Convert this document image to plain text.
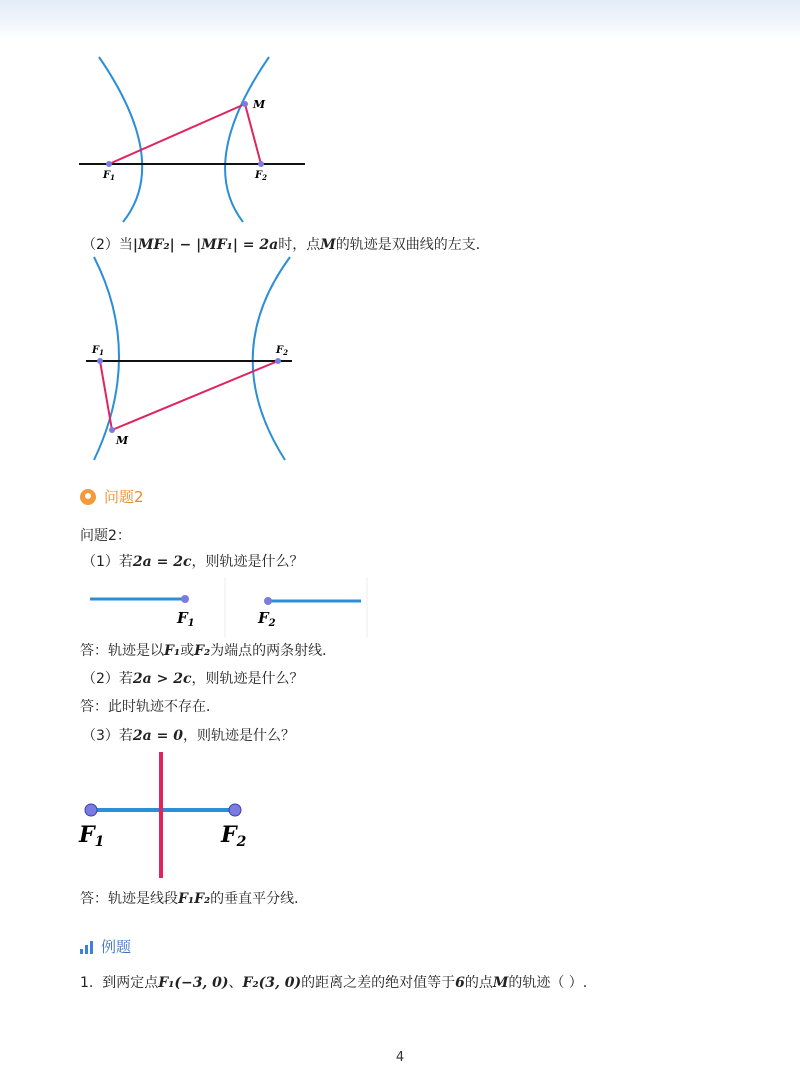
M
$F_1$	$F_2$
（2）当|MF₂| − |MF₁| = 2a时，点M的轨迹是双曲线的左支．
$F_1$	$F_2$
M
问题2
问题2：
（1）若2a = 2c，则轨迹是什么？
$F_1$	$F_2$
答：轨迹是以F₁或F₂为端点的两条射线．
（2）若2a > 2c，则轨迹是什么？
答：此时轨迹不存在．
（3）若2a = 0，则轨迹是什么？
F1	F2
答：轨迹是线段F₁F₂的垂直平分线．
例题
1. 到两定点F₁(−3, 0)、F₂(3, 0)的距离之差的绝对值等于6的点M的轨迹（ ）.
4
